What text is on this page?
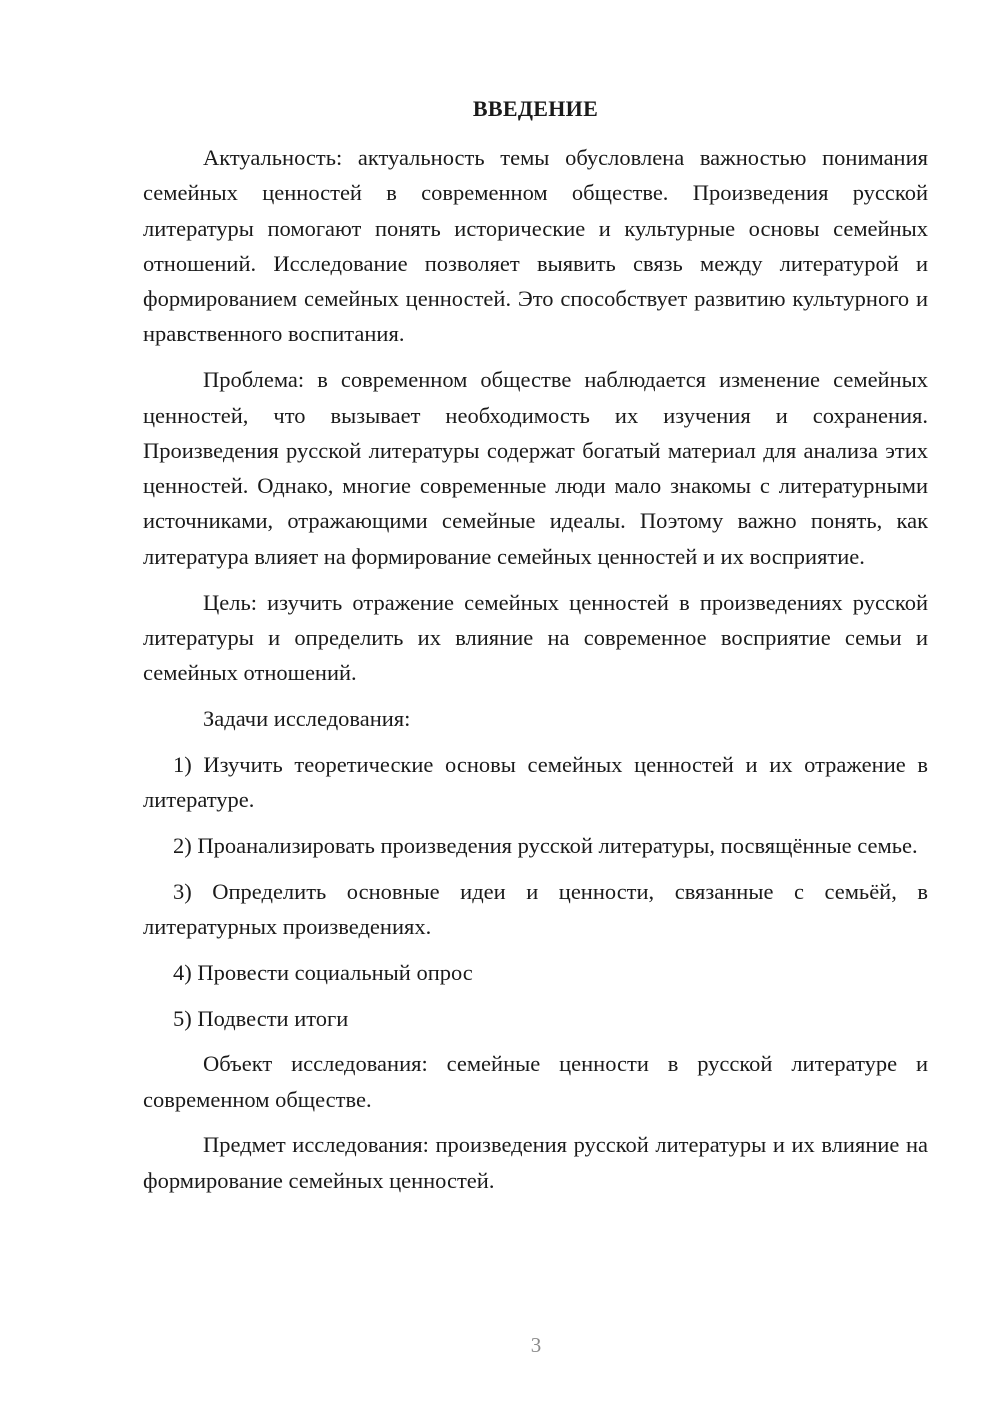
ВВЕДЕНИЕ

Актуальность: актуальность темы обусловлена важностью понимания семейных ценностей в современном обществе. Произведения русской литературы помогают понять исторические и культурные основы семейных отношений. Исследование позволяет выявить связь между литературой и формированием семейных ценностей. Это способствует развитию культурного и нравственного воспитания.

Проблема: в современном обществе наблюдается изменение семейных ценностей, что вызывает необходимость их изучения и сохранения. Произведения русской литературы содержат богатый материал для анализа этих ценностей. Однако, многие современные люди мало знакомы с литературными источниками, отражающими семейные идеалы. Поэтому важно понять, как литература влияет на формирование семейных ценностей и их восприятие.

Цель: изучить отражение семейных ценностей в произведениях русской литературы и определить их влияние на современное восприятие семьи и семейных отношений.

Задачи исследования:

1) Изучить теоретические основы семейных ценностей и их отражение в литературе.

2) Проанализировать произведения русской литературы, посвящённые семье.

3) Определить основные идеи и ценности, связанные с семьёй, в литературных произведениях.

4) Провести социальный опрос

5) Подвести итоги

Объект исследования: семейные ценности в русской литературе и современном обществе.

Предмет исследования: произведения русской литературы и их влияние на формирование семейных ценностей.

3
